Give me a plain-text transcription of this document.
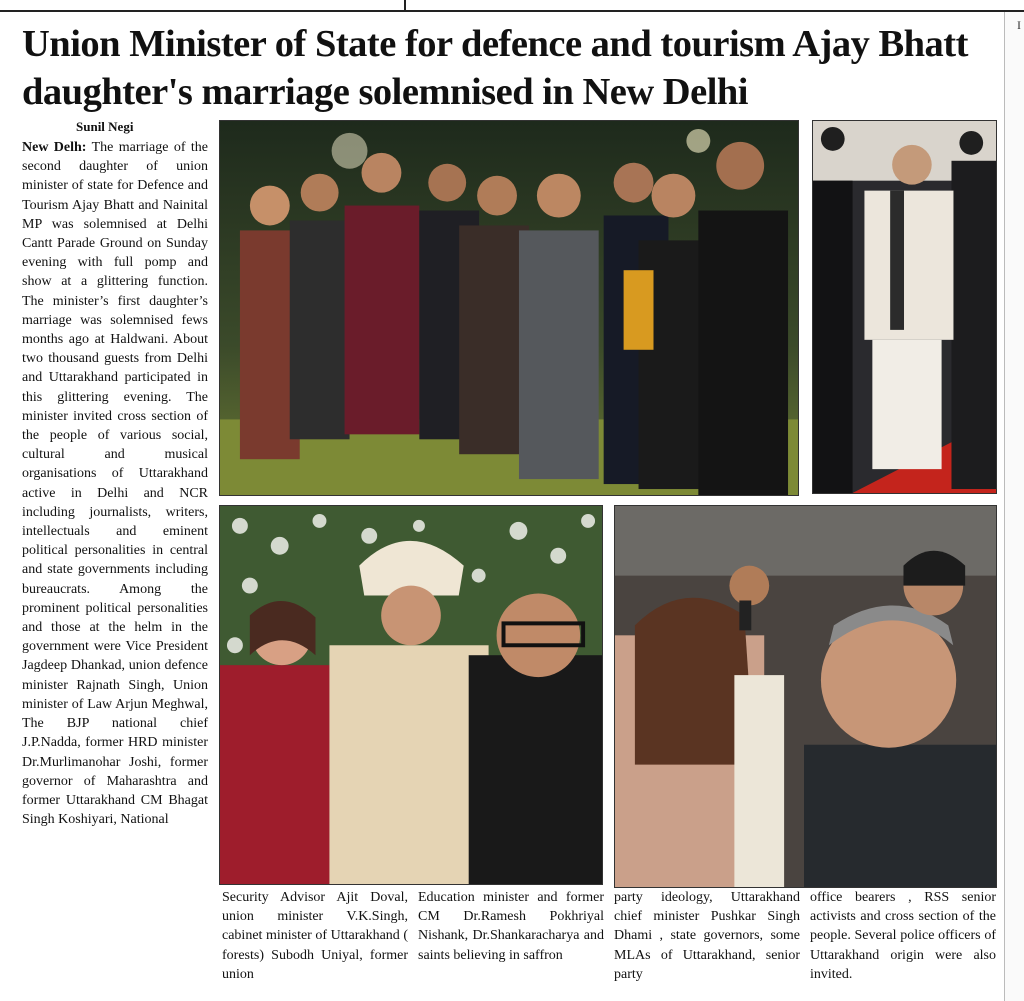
I
Union Minister of State for defence and tourism Ajay Bhatt daughter's marriage solemnised in New Delhi
Sunil Negi
New Delh: The marriage of the second daughter of union minister of state for Defence and Tourism Ajay Bhatt and Nainital MP was solemnised at Delhi Cantt Parade Ground on Sunday evening with full pomp and show at a glittering function. The minister’s first daughter’s marriage was solemnised fews months ago at Haldwani. About two thousand guests from Delhi and Uttarakhand participated in this glittering evening. The minister invited cross section of the people of various social, cultural and musical organisations of Uttarakhand active in Delhi and NCR including journalists, writers, intellectuals and eminent political personalities in central and state governments including bureaucrats. Among the prominent political personalities and those at the helm in the government were Vice President Jagdeep Dhankad, union defence minister Rajnath Singh, Union minister of Law Arjun Meghwal, The BJP national chief J.P.Nadda, former HRD minister Dr.Murlimanohar Joshi, former governor of Maharashtra and former Uttarakhand CM Bhagat Singh Koshiyari, National
Security Advisor Ajit Doval, union minister V.K.Singh, cabinet minister of Uttarakhand ( forests) Subodh Uniyal, former union
Education minister and former CM Dr.Ramesh Pokhriyal Nishank, Dr.Shankaracharya and saints believing in saffron
party ideology, Uttarakhand chief minister Pushkar Singh Dhami , state governors, some MLAs of Uttarakhand, senior party
office bearers , RSS senior activists and cross section of the people. Several police officers of Uttarakhand origin were also invited.
